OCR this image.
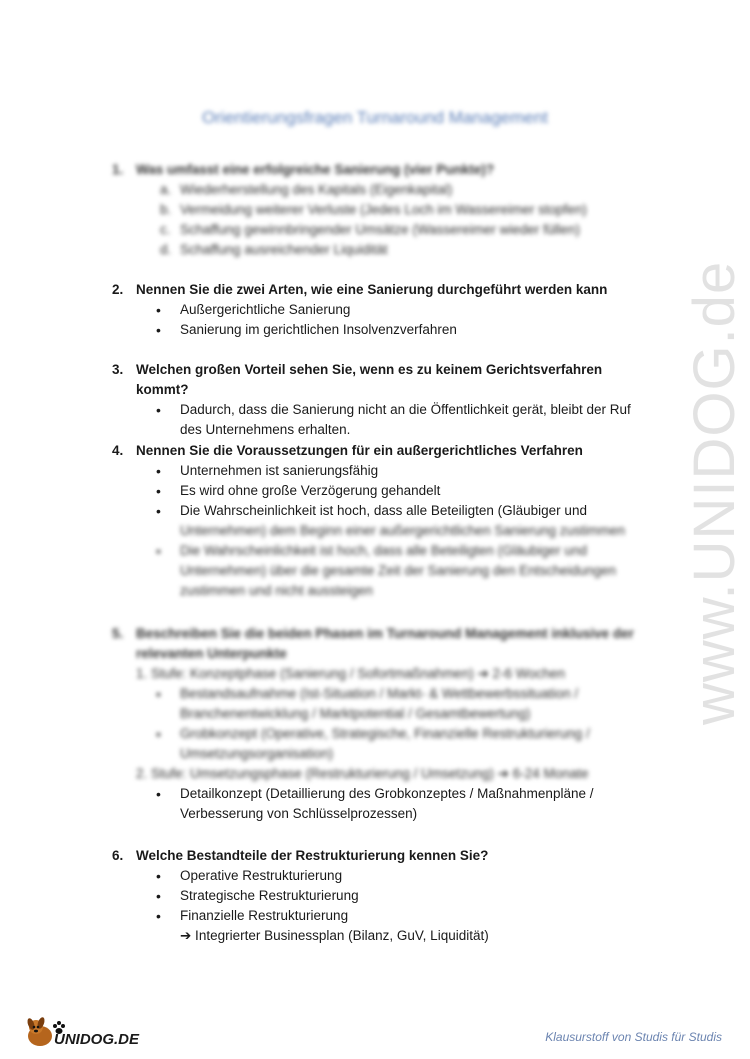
www.UNIDOG.de
Orientierungsfragen Turnaround Management
1. Was umfasst eine erfolgreiche Sanierung (vier Punkte)?
a. Wiederherstellung des Kapitals (Eigenkapital)
b. Vermeidung weiterer Verluste (Jedes Loch im Wassereimer stopfen)
c. Schaffung gewinnbringender Umsätze (Wassereimer wieder füllen)
d. Schaffung ausreichender Liquidität
2. Nennen Sie die zwei Arten, wie eine Sanierung durchgeführt werden kann
• Außergerichtliche Sanierung
• Sanierung im gerichtlichen Insolvenzverfahren
3. Welchen großen Vorteil sehen Sie, wenn es zu keinem Gerichtsverfahren kommt?
• Dadurch, dass die Sanierung nicht an die Öffentlichkeit gerät, bleibt der Ruf des Unternehmens erhalten.
4. Nennen Sie die Voraussetzungen für ein außergerichtliches Verfahren
• Unternehmen ist sanierungsfähig
• Es wird ohne große Verzögerung gehandelt
• Die Wahrscheinlichkeit ist hoch, dass alle Beteiligten (Gläubiger und
Unternehmen) dem Beginn einer außergerichtlichen Sanierung zustimmen
• Die Wahrscheinlichkeit ist hoch, dass alle Beteiligten (Gläubiger und Unternehmen) über die gesamte Zeit der Sanierung den Entscheidungen zustimmen und nicht aussteigen
5. Beschreiben Sie die beiden Phasen im Turnaround Management inklusive der relevanten Unterpunkte
1. Stufe: Konzeptphase (Sanierung / Sofortmaßnahmen) ➔ 2-6 Wochen
• Bestandsaufnahme (Ist-Situation / Markt- & Wettbewerbssituation / Branchenentwicklung / Marktpotential / Gesamtbewertung)
• Grobkonzept (Operative, Strategische, Finanzielle Restrukturierung / Umsetzungsorganisation)
2. Stufe: Umsetzungsphase (Restrukturierung / Umsetzung) ➔ 6-24 Monate
• Detailkonzept (Detaillierung des Grobkonzeptes / Maßnahmenpläne /
Verbesserung von Schlüsselprozessen)
6. Welche Bestandteile der Restrukturierung kennen Sie?
• Operative Restrukturierung
• Strategische Restrukturierung
• Finanzielle Restrukturierung
➔ Integrierter Businessplan (Bilanz, GuV, Liquidität)
UNIDOG.DE	Klausurstoff von Studis für Studis
